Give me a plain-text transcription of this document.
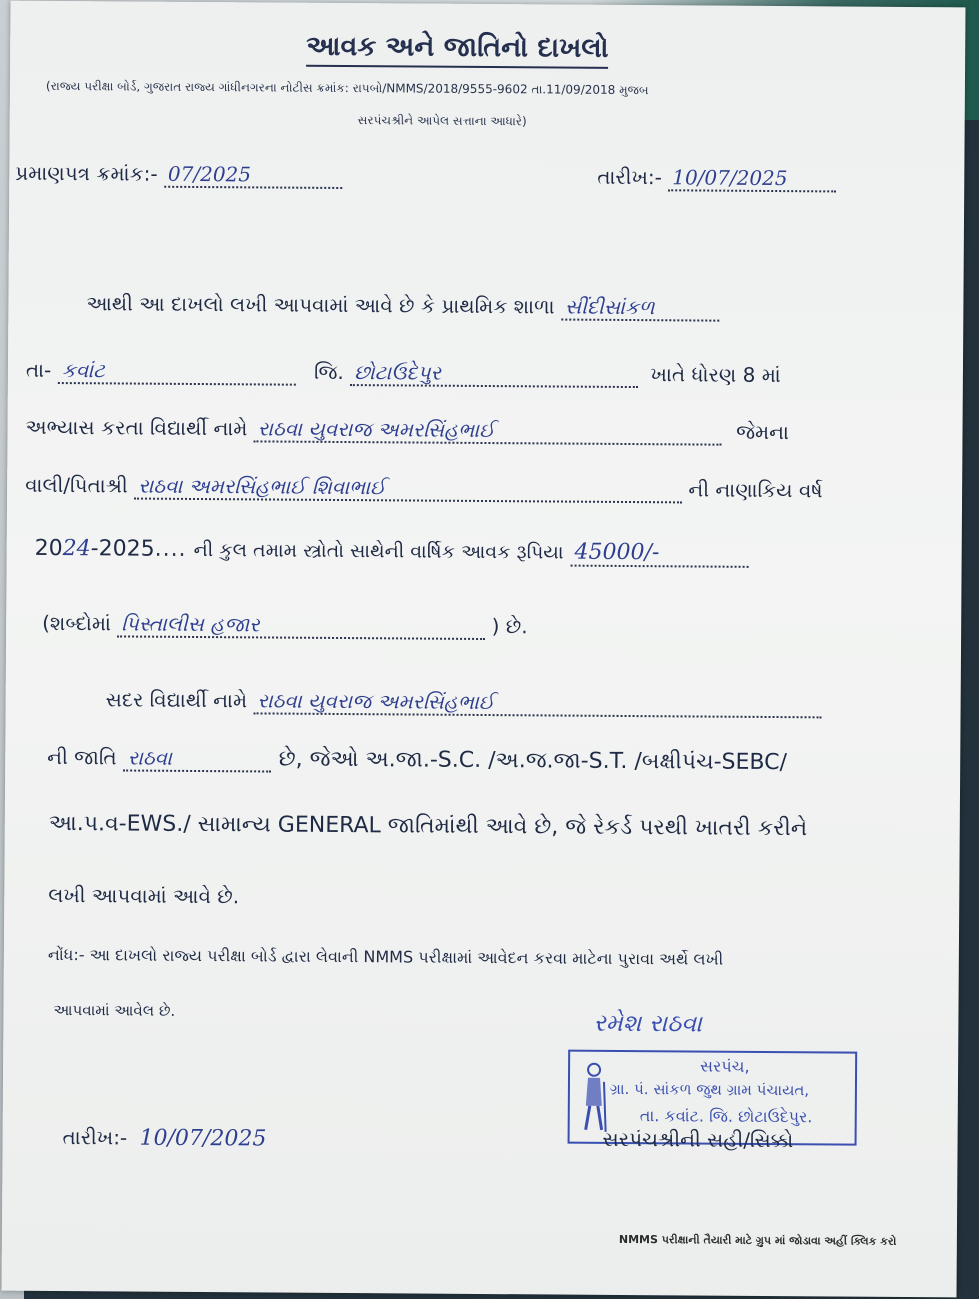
આવક અને જાતિનો દાખલો
(રાજ્ય પરીક્ષા બોર્ડ, ગુજરાત રાજ્ય ગાંધીનગરના નોટીસ ક્રમાંક: રાપબો/NMMS/2018/9555-9602 તા.11/09/2018 મુજબ
સરપંચશ્રીને આપેલ સત્તાના આધારે)
પ્રમાણપત્ર ક્રમાંક:- 07/2025	તારીખ:- 10/07/2025
આથી આ દાખલો લખી આપવામાં આવે છે કે પ્રાથમિક શાળા સીંદીસાંકળ
તા- કવાંટ	જિ. છોટાઉદેપુર	ખાતે ધોરણ 8 માં
અભ્યાસ કરતા વિદ્યાર્થી નામે રાઠવા યુવરાજ અમરસિંહભાઈ	જેમના
વાલી/પિતાશ્રી રાઠવા અમરસિંહભાઈ શિવાભાઈ	ની નાણાકિય વર્ષ
2024-2025.... ની કુલ તમામ સ્ત્રોતો સાથેની વાર્ષિક આવક રૂપિયા 45000/-
(શબ્દોમાં પિસ્તાલીસ હજાર	) છે.
સદર વિદ્યાર્થી નામે રાઠવા યુવરાજ અમરસિંહભાઈ
ની જાતિ રાઠવા	છે, જેઓ અ.જા.-S.C. /અ.જ.જા-S.T. /બક્ષીપંચ-SEBC/
આ.પ.વ-EWS./ સામાન્ય GENERAL જાતિમાંથી આવે છે, જે રેકર્ડ પરથી ખાતરી કરીને
લખી આપવામાં આવે છે.
નોંધ:- આ દાખલો રાજ્ય પરીક્ષા બોર્ડ દ્વારા લેવાની NMMS પરીક્ષામાં આવેદન કરવા માટેના પુરાવા અર્થે લખી
આપવામાં આવેલ છે.	રમેશ રાઠવા
સરપંચ,
ગ્રા. પં. સાંકળ જુથ ગ્રામ પંચાયત,
તા. કવાંટ. જિ. છોટાઉદેપુર.
તારીખ:- 10/07/2025	સરપંચશ્રીની સહી/સિક્કો
NMMS પરીક્ષાની તૈયારી માટે ગ્રુપ માં જોડાવા અહીં ક્લિક કરો
